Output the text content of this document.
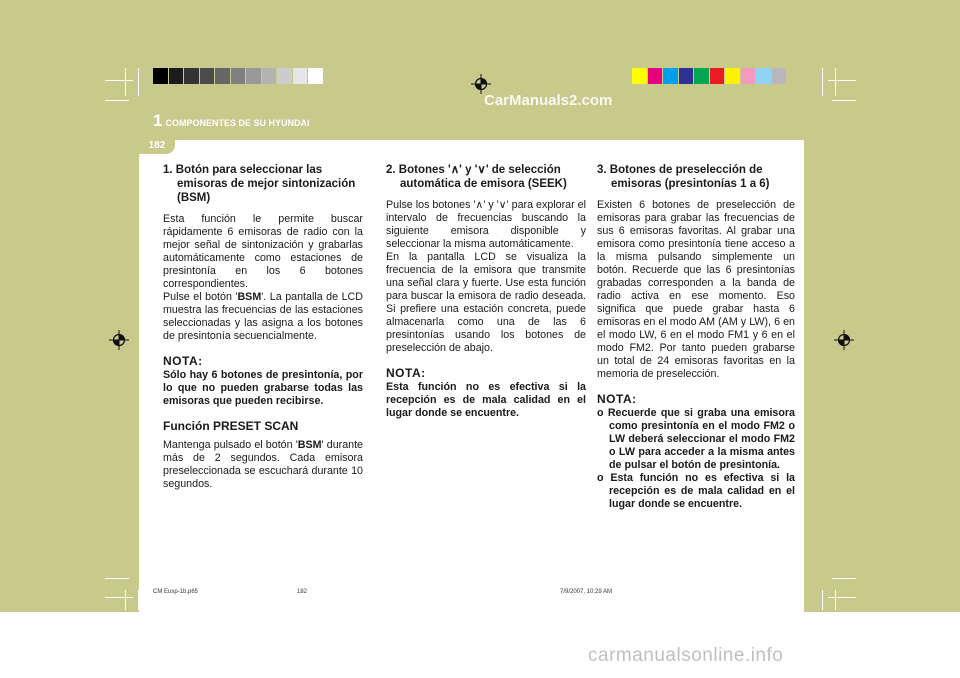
CarManuals2.com
1 COMPONENTES DE SU HYUNDAI
182

1. Botón para seleccionar las emisoras de mejor sintonización (BSM)

Esta función le permite buscar rápidamente 6 emisoras de radio con la mejor señal de sintonización y grabarlas automáticamente como estaciones de presintonía en los 6 botones correspondientes.

Pulse el botón 'BSM'. La pantalla de LCD muestra las frecuencias de las estaciones seleccionadas y las asigna a los botones de presintonía secuencialmente.

NOTA:

Sólo hay 6 botones de presintonía, por lo que no pueden grabarse todas las emisoras que pueden recibirse.

Función PRESET SCAN

Mantenga pulsado el botón 'BSM' durante más de 2 segundos. Cada emisora preseleccionada se escuchará durante 10 segundos.

2. Botones '∧' y '∨' de selección automática de emisora (SEEK)

Pulse los botones '∧' y '∨' para explorar el intervalo de frecuencias buscando la siguiente emisora disponible y seleccionar la misma automáticamente.

En la pantalla LCD se visualiza la frecuencia de la emisora que transmite una señal clara y fuerte. Use esta función para buscar la emisora de radio deseada. Si prefiere una estación concreta, puede almacenarla como una de las 6 presintonías usando los botones de preselección de abajo.

NOTA:

Esta función no es efectiva si la recepción es de mala calidad en el lugar donde se encuentre.

3. Botones de preselección de emisoras (presintonías 1 a 6)

Existen 6 botones de preselección de emisoras para grabar las frecuencias de sus 6 emisoras favoritas. Al grabar una emisora como presintonía tiene acceso a la misma pulsando simplemente un botón. Recuerde que las 6 presintonías grabadas corresponden a la banda de radio activa en ese momento. Eso significa que puede grabar hasta 6 emisoras en el modo AM (AM y LW), 6 en el modo LW, 6 en el modo FM1 y 6 en el modo FM2. Por tanto pueden grabarse un total de 24 emisoras favoritas en la memoria de preselección.

NOTA:

o Recuerde que si graba una emisora como presintonía en el modo FM2 o LW deberá seleccionar el modo FM2 o LW para acceder a la misma antes de pulsar el botón de presintonía.

o Esta función no es efectiva si la recepción es de mala calidad en el lugar donde se encuentre.

CM Eusp-1b.p65	182	7/9/2007, 10:29 AM
carmanualsonline.info
